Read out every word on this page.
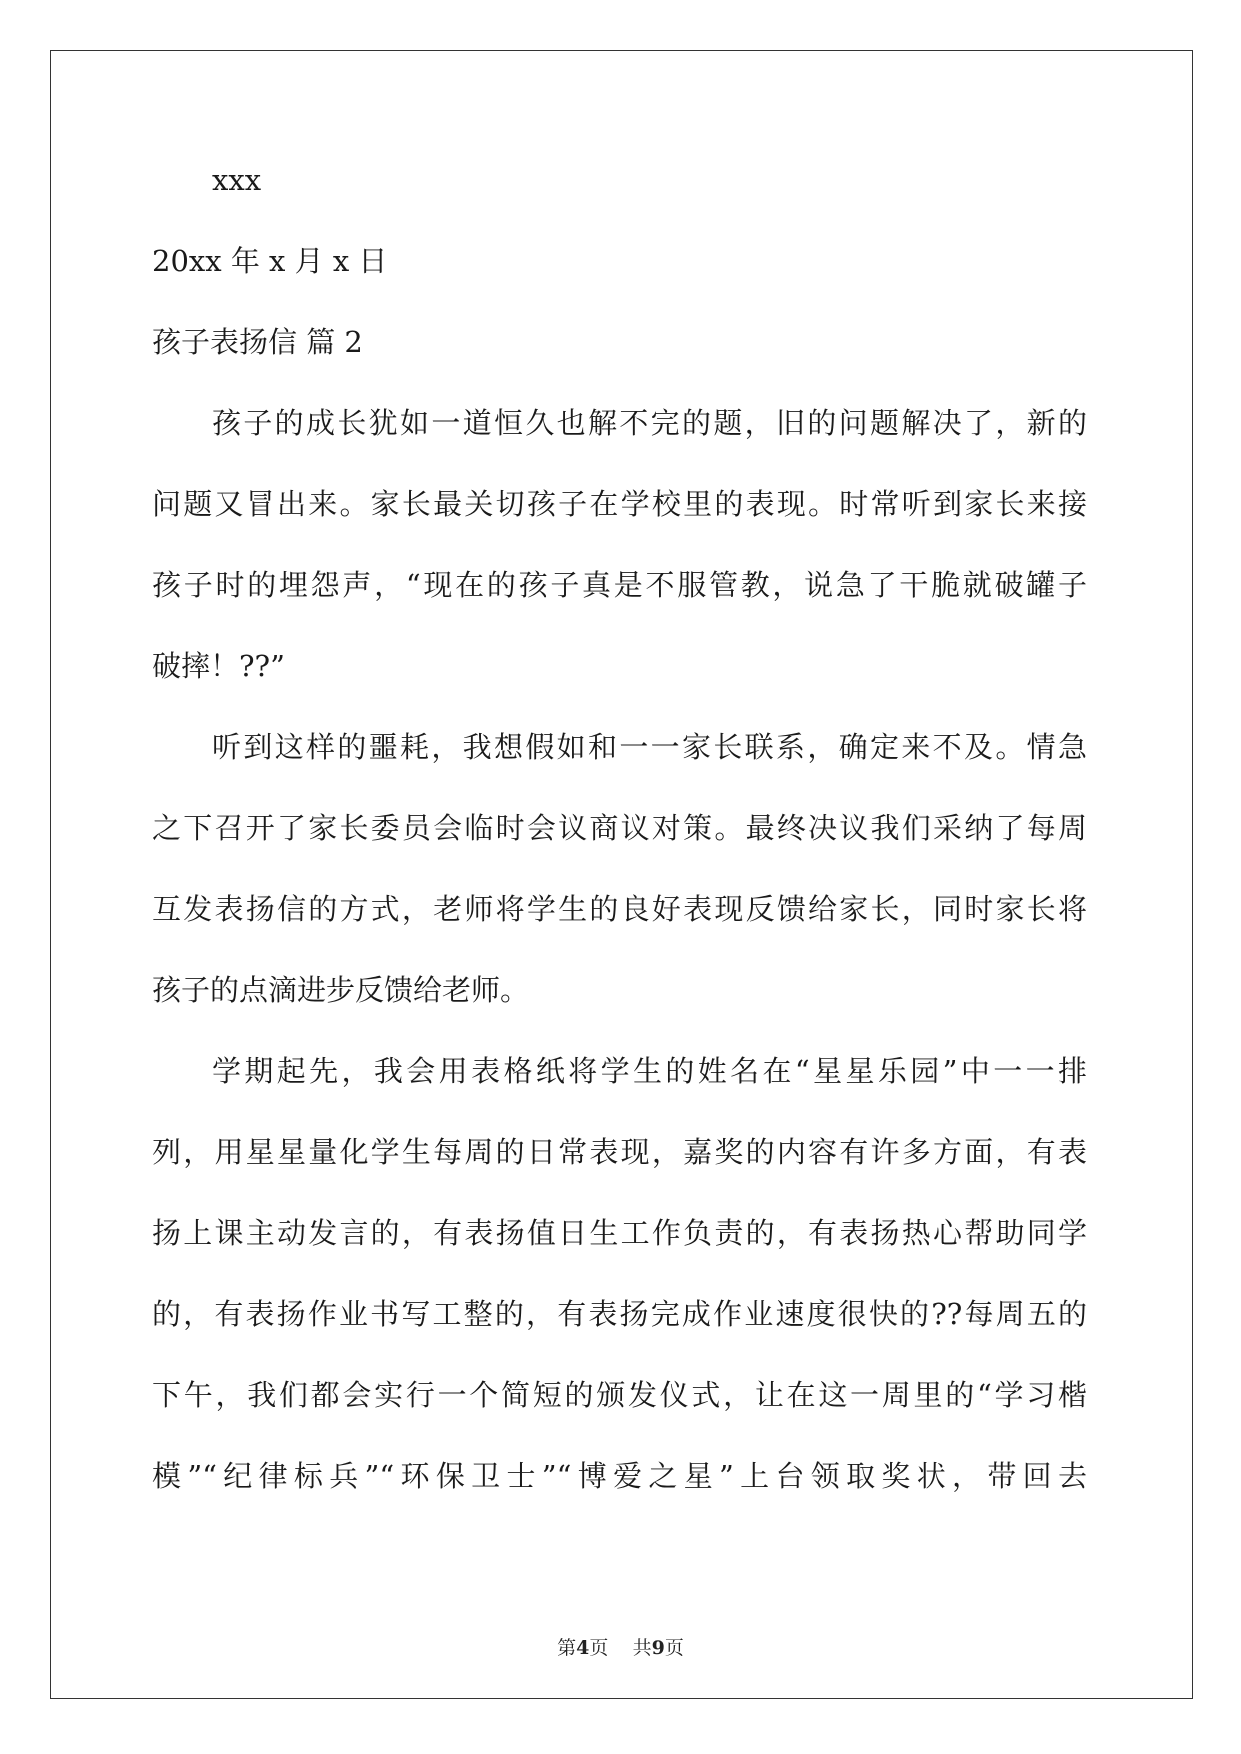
xxx
20xx 年 x 月 x 日
孩子表扬信 篇 2
孩子的成长犹如一道恒久也解不完的题，旧的问题解决了，新的
问题又冒出来。家长最关切孩子在学校里的表现。时常听到家长来接
孩子时的埋怨声，“现在的孩子真是不服管教，说急了干脆就破罐子
破摔！??”
听到这样的噩耗，我想假如和一一家长联系，确定来不及。情急
之下召开了家长委员会临时会议商议对策。最终决议我们采纳了每周
互发表扬信的方式，老师将学生的良好表现反馈给家长，同时家长将
孩子的点滴进步反馈给老师。
学期起先，我会用表格纸将学生的姓名在“星星乐园”中一一排
列，用星星量化学生每周的日常表现，嘉奖的内容有许多方面，有表
扬上课主动发言的，有表扬值日生工作负责的，有表扬热心帮助同学
的，有表扬作业书写工整的，有表扬完成作业速度很快的??每周五的
下午，我们都会实行一个简短的颁发仪式，让在这一周里的“学习楷
模”“纪律标兵”“环保卫士”“博爱之星”上台领取奖状，带回去
第4页    共9页
